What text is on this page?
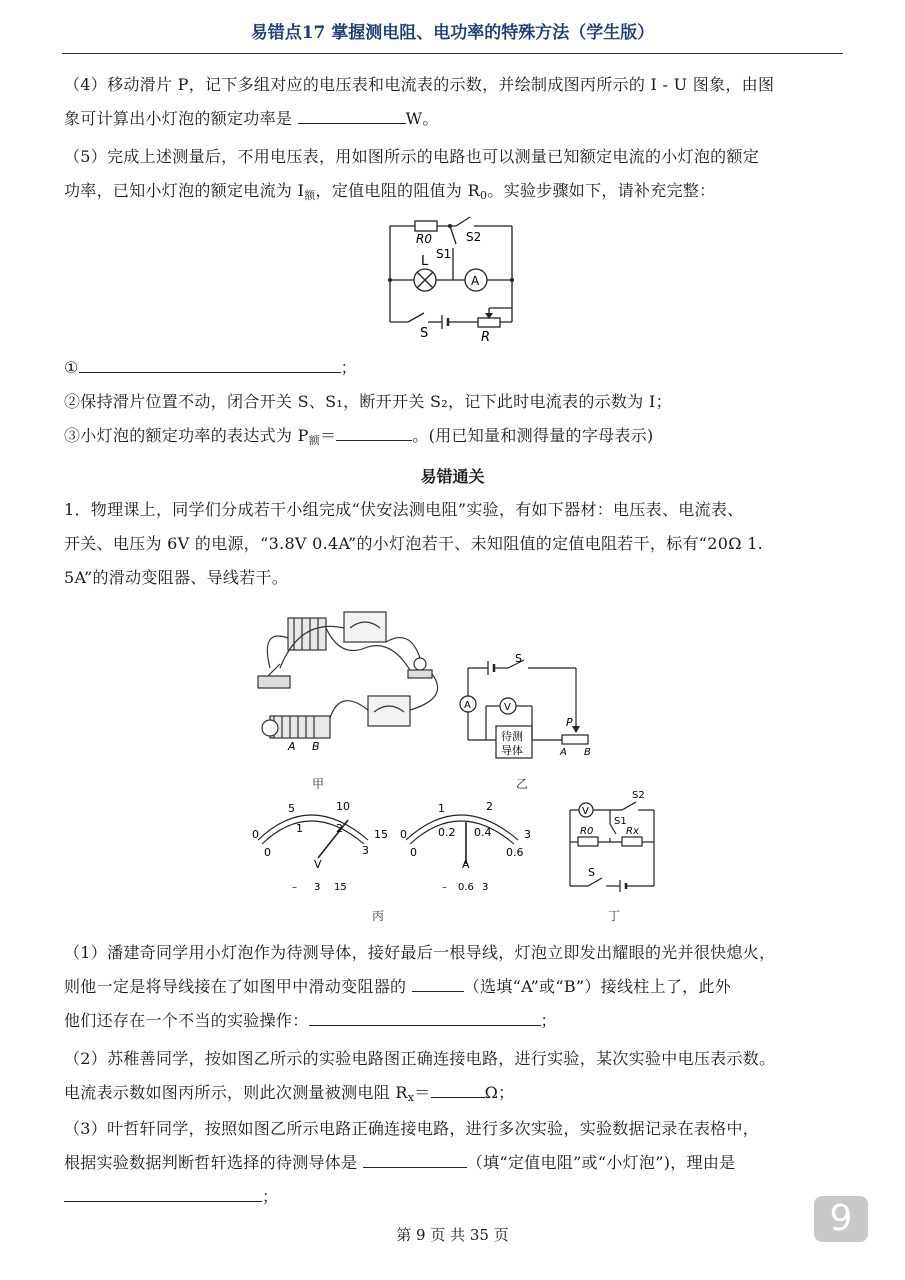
易错点17 掌握测电阻、电功率的特殊方法（学生版）
（4）移动滑片 P，记下多组对应的电压表和电流表的示数，并绘制成图丙所示的 I - U 图象，由图
象可计算出小灯泡的额定功率是	W。
（5）完成上述测量后，不用电压表，用如图所示的电路也可以测量已知额定电流的小灯泡的额定
功率，已知小灯泡的额定电流为 $I_额$，定值电阻的阻值为 $R_0$。实验步骤如下，请补充完整：
R0	S2
S1
L
A
S	R
①	；
②保持滑片位置不动，闭合开关 S、S₁，断开开关 S₂，记下此时电流表的示数为 I；
③小灯泡的额定功率的表达式为 $P_额=$	。(用已知量和测得量的字母表示)
易错通关
1．物理课上，同学们分成若干小组完成“伏安法测电阻”实验，有如下器材：电压表、电流表、
开关、电压为 6V 的电源，“3.8V 0.4A”的小灯泡若干、未知阻值的定值电阻若干，标有“20Ω 1.
5A”的滑动变阻器、导线若干。
A B
甲
S
A	V
P
待测
导体	A B
乙
0
5	10
15
0
1	2
3
V
– 3 15
0
1	2
3
0
0.2 0.4
0.6
A
– 0.6 3
丙
V
S2
S1
R0	Rx
S
丁
（1）潘建奇同学用小灯泡作为待测导体，接好最后一根导线，灯泡立即发出耀眼的光并很快熄火，
则他一定是将导线接在了如图甲中滑动变阻器的	（选填“A”或“B”）接线柱上了，此外
他们还存在一个不当的实验操作：	；
（2）苏稚善同学，按如图乙所示的实验电路图正确连接电路，进行实验，某次实验中电压表示数。
电流表示数如图丙所示，则此次测量被测电阻 $R_x=$	Ω；
（3）叶哲轩同学，按照如图乙所示电路正确连接电路，进行多次实验，实验数据记录在表格中，
根据实验数据判断哲轩选择的待测导体是	（填“定值电阻”或“小灯泡”)，理由是
；
第 9 页 共 35 页	9
